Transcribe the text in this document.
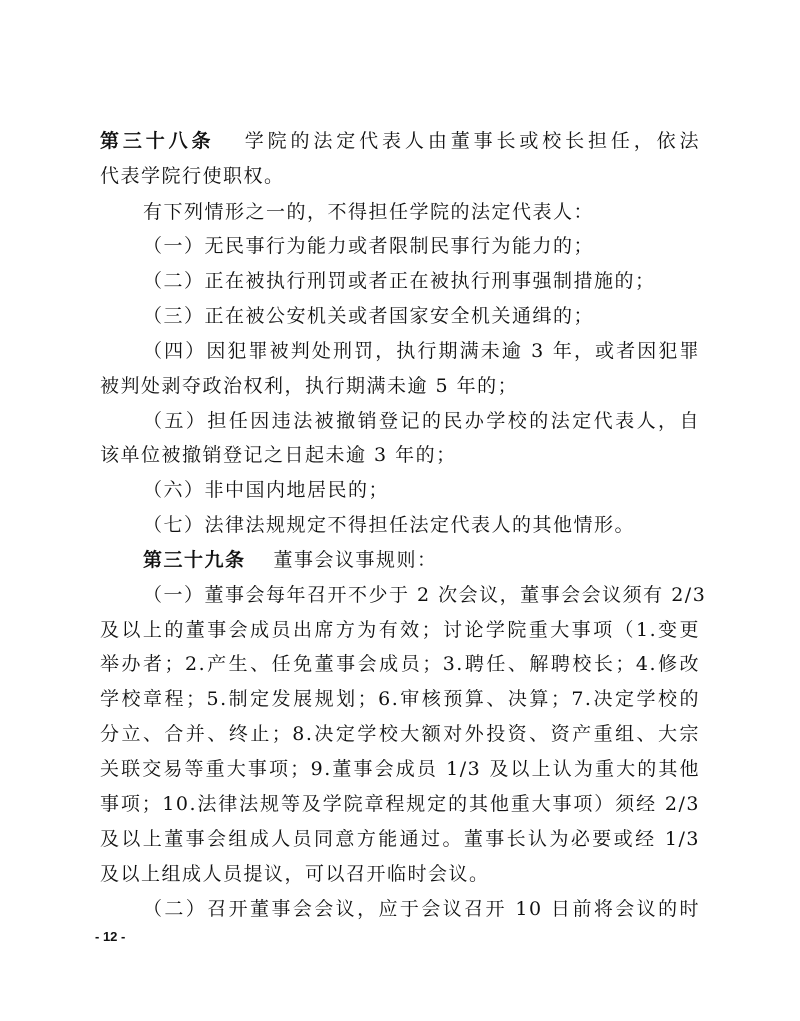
第三十八条 学院的法定代表人由董事长或校长担任，依法
代表学院行使职权。
有下列情形之一的，不得担任学院的法定代表人：
（一）无民事行为能力或者限制民事行为能力的；
（二）正在被执行刑罚或者正在被执行刑事强制措施的；
（三）正在被公安机关或者国家安全机关通缉的；
（四）因犯罪被判处刑罚，执行期满未逾 3 年，或者因犯罪
被判处剥夺政治权利，执行期满未逾 5 年的；
（五）担任因违法被撤销登记的民办学校的法定代表人，自
该单位被撤销登记之日起未逾 3 年的；
（六）非中国内地居民的；
（七）法律法规规定不得担任法定代表人的其他情形。
第三十九条 董事会议事规则：
（一）董事会每年召开不少于 2 次会议，董事会会议须有 2/3
及以上的董事会成员出席方为有效；讨论学院重大事项（1.变更
举办者；2.产生、任免董事会成员；3.聘任、解聘校长；4.修改
学校章程；5.制定发展规划；6.审核预算、决算；7.决定学校的
分立、合并、终止；8.决定学校大额对外投资、资产重组、大宗
关联交易等重大事项；9.董事会成员 1/3 及以上认为重大的其他
事项；10.法律法规等及学院章程规定的其他重大事项）须经 2/3
及以上董事会组成人员同意方能通过。董事长认为必要或经 1/3
及以上组成人员提议，可以召开临时会议。
（二）召开董事会会议，应于会议召开 10 日前将会议的时
- 12 -
